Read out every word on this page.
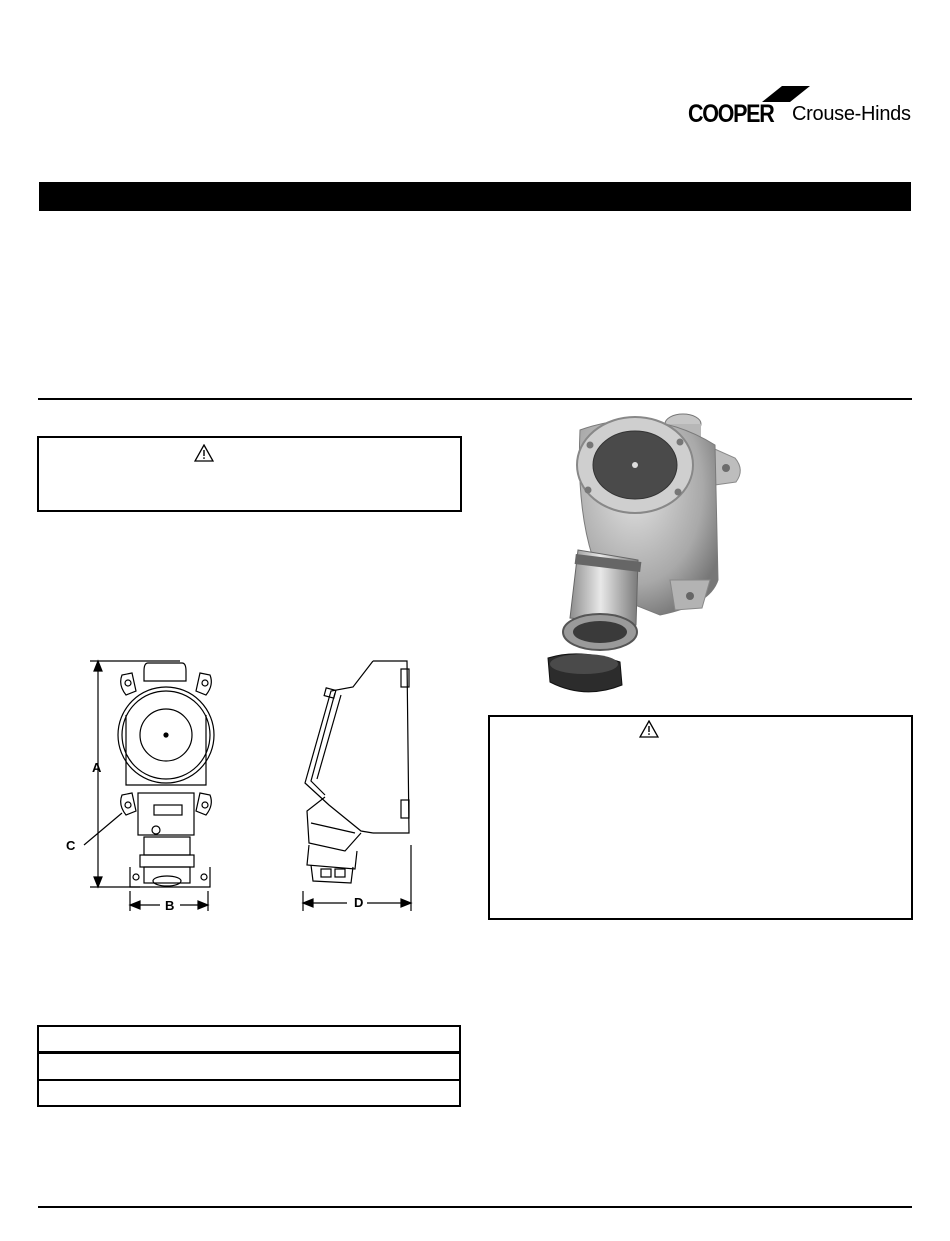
COOPER Crouse-Hinds
A
B
C
D
